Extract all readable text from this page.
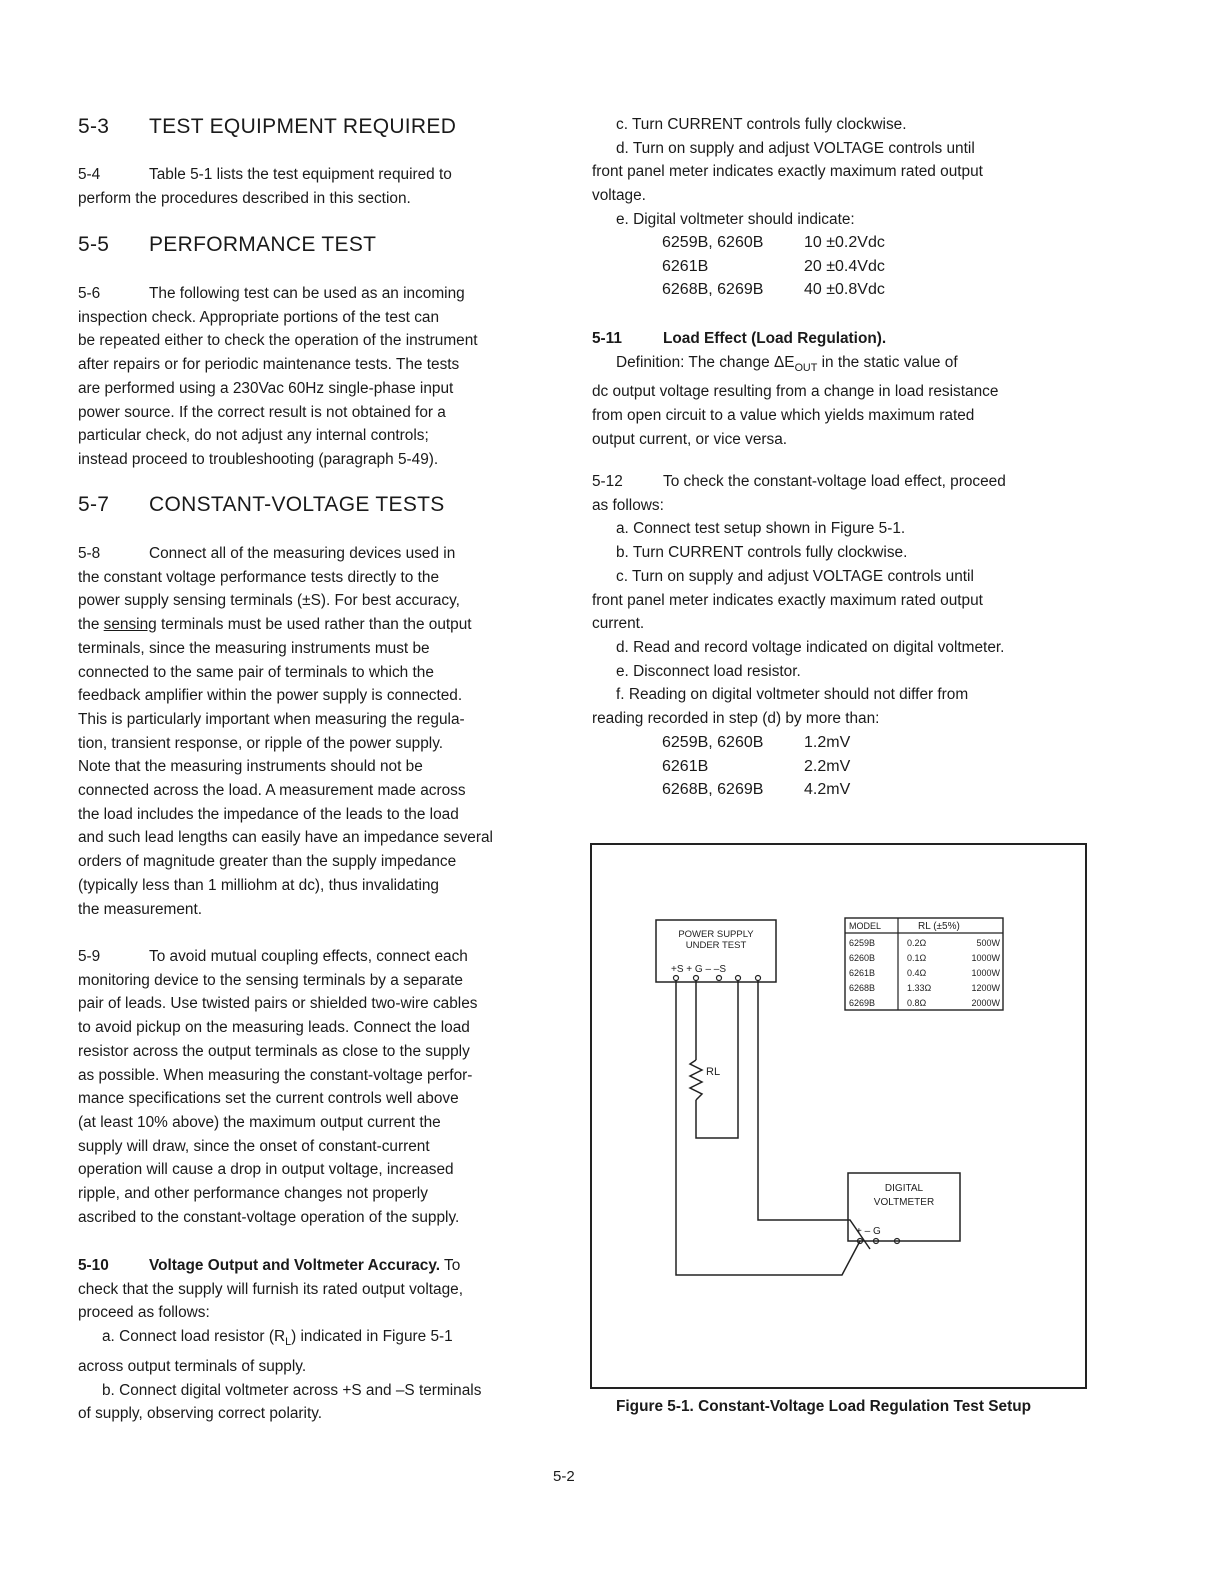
5-3 TEST EQUIPMENT REQUIRED
5-4	Table 5-1 lists the test equipment required to
perform the procedures described in this section.
5-5 PERFORMANCE TEST
5-6	The following test can be used as an incoming
inspection check. Appropriate portions of the test can
be repeated either to check the operation of the instrument
after repairs or for periodic maintenance tests. The tests
are performed using a 230Vac 60Hz single-phase input
power source. If the correct result is not obtained for a
particular check, do not adjust any internal controls;
instead proceed to troubleshooting (paragraph 5-49).
5-7 CONSTANT-VOLTAGE TESTS
5-8	Connect all of the measuring devices used in
the constant voltage performance tests directly to the
power supply sensing terminals (±S). For best accuracy,
the sensing terminals must be used rather than the output
terminals, since the measuring instruments must be
connected to the same pair of terminals to which the
feedback amplifier within the power supply is connected.
This is particularly important when measuring the regula-
tion, transient response, or ripple of the power supply.
Note that the measuring instruments should not be
connected across the load. A measurement made across
the load includes the impedance of the leads to the load
and such lead lengths can easily have an impedance several
orders of magnitude greater than the supply impedance
(typically less than 1 milliohm at dc), thus invalidating
the measurement.
5-9	To avoid mutual coupling effects, connect each
monitoring device to the sensing terminals by a separate
pair of leads. Use twisted pairs or shielded two-wire cables
to avoid pickup on the measuring leads. Connect the load
resistor across the output terminals as close to the supply
as possible. When measuring the constant-voltage perfor-
mance specifications set the current controls well above
(at least 10% above) the maximum output current the
supply will draw, since the onset of constant-current
operation will cause a drop in output voltage, increased
ripple, and other performance changes not properly
ascribed to the constant-voltage operation of the supply.
5-10	Voltage Output and Voltmeter Accuracy. To
check that the supply will furnish its rated output voltage,
proceed as follows:
a. Connect load resistor $(R_L)$ indicated in Figure 5-1
across output terminals of supply.
b. Connect digital voltmeter across +S and –S terminals
of supply, observing correct polarity.
c. Turn CURRENT controls fully clockwise.
d. Turn on supply and adjust VOLTAGE controls until
front panel meter indicates exactly maximum rated output
voltage.
e. Digital voltmeter should indicate:
6259B, 6260B	10 ±0.2Vdc
6261B	20 ±0.4Vdc
6268B, 6269B	40 ±0.8Vdc
5-11	Load Effect (Load Regulation).
Definition: The change $\Delta E_{OUT}$ in the static value of
dc output voltage resulting from a change in load resistance
from open circuit to a value which yields maximum rated
output current, or vice versa.
5-12	To check the constant-voltage load effect, proceed
as follows:
a. Connect test setup shown in Figure 5-1.
b. Turn CURRENT controls fully clockwise.
c. Turn on supply and adjust VOLTAGE controls until
front panel meter indicates exactly maximum rated output
current.
d. Read and record voltage indicated on digital voltmeter.
e. Disconnect load resistor.
f. Reading on digital voltmeter should not differ from
reading recorded in step (d) by more than:
6259B, 6260B	1.2mV
6261B	2.2mV
6268B, 6269B	4.2mV
POWER SUPPLY
UNDER TEST
+S + G – –S
RL
MODEL	RL (±5%)
6259B	0.2Ω	500W
6260B	0.1Ω	1000W
6261B	0.4Ω	1000W
6268B	1.33Ω	1200W
6269B	0.8Ω	2000W
DIGITAL
VOLTMETER
+ – G
Figure 5-1. Constant-Voltage Load Regulation Test Setup
5-2
